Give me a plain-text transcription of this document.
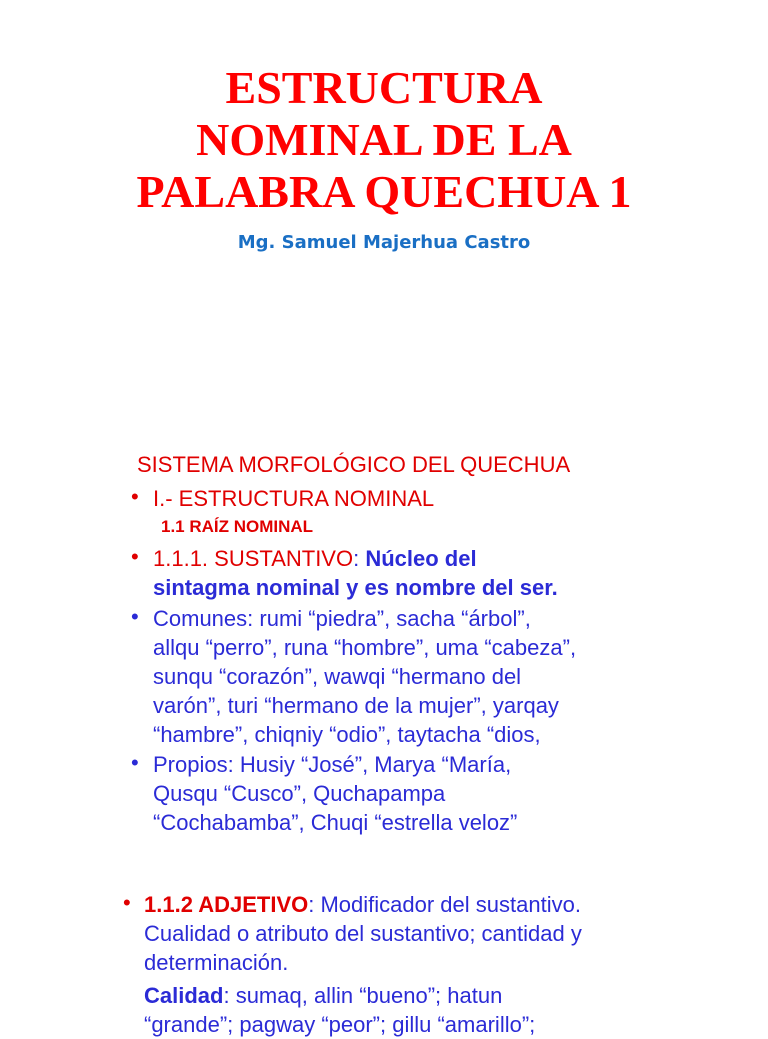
ESTRUCTURA
NOMINAL DE LA
PALABRA QUECHUA 1
Mg. Samuel Majerhua Castro
SISTEMA MORFOLÓGICO DEL QUECHUA
• I.- ESTRUCTURA NOMINAL
1.1 RAÍZ NOMINAL
• 1.1.1. SUSTANTIVO: Núcleo del
sintagma nominal y es nombre del ser.
• Comunes: rumi “piedra”, sacha “árbol”,
allqu “perro”, runa “hombre”, uma “cabeza”,
sunqu “corazón”, wawqi “hermano del
varón”, turi “hermano de la mujer”, yarqay
“hambre”, chiqniy “odio”, taytacha “dios,
• Propios: Husiy “José”, Marya “María,
Qusqu “Cusco”, Quchapampa
“Cochabamba”, Chuqi “estrella veloz”
• 1.1.2 ADJETIVO: Modificador del sustantivo.
Cualidad o atributo del sustantivo; cantidad y
determinación.
Calidad: sumaq, allin “bueno”; hatun
“grande”; pagway “peor”; gillu “amarillo”;
